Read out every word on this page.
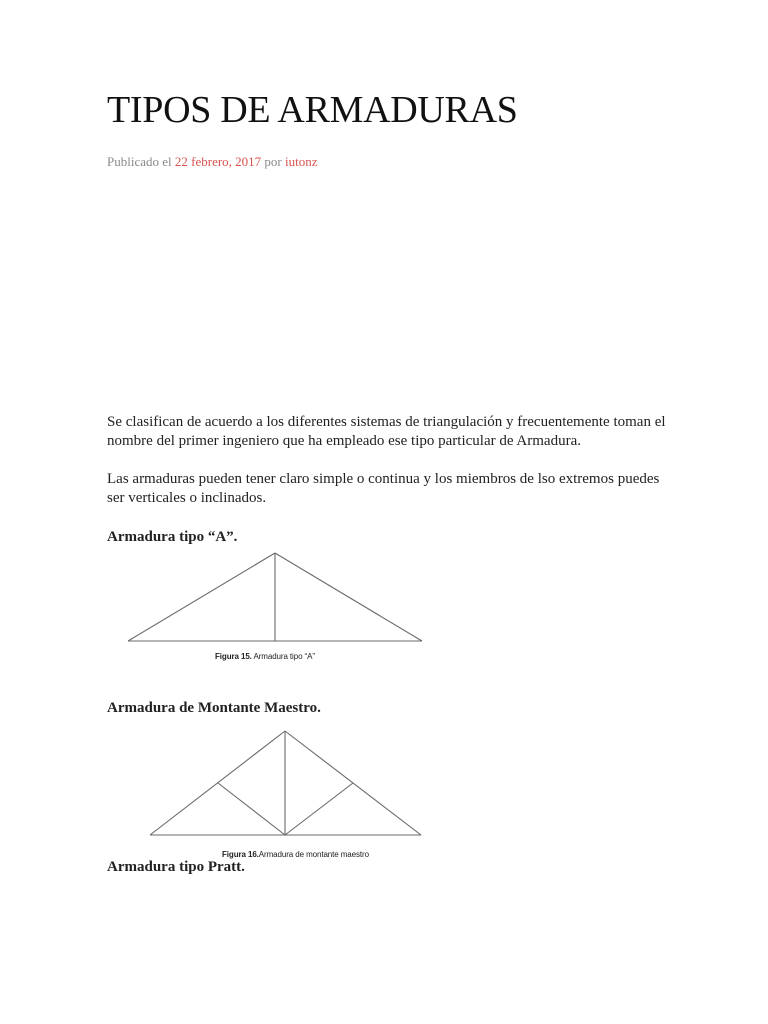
TIPOS DE ARMADURAS
Publicado el 22 febrero, 2017 por iutonz

Se clasifican de acuerdo a los diferentes sistemas de triangulación y frecuentemente toman el nombre del primer ingeniero que ha empleado ese tipo particular de Armadura.

Las armaduras pueden tener claro simple o continua y los miembros de lso extremos puedes ser verticales o inclinados.

Armadura tipo “A”.
Figura 15. Armadura tipo “A”
Armadura de Montante Maestro.
Figura 16.Armadura de montante maestro
Armadura tipo Pratt.
